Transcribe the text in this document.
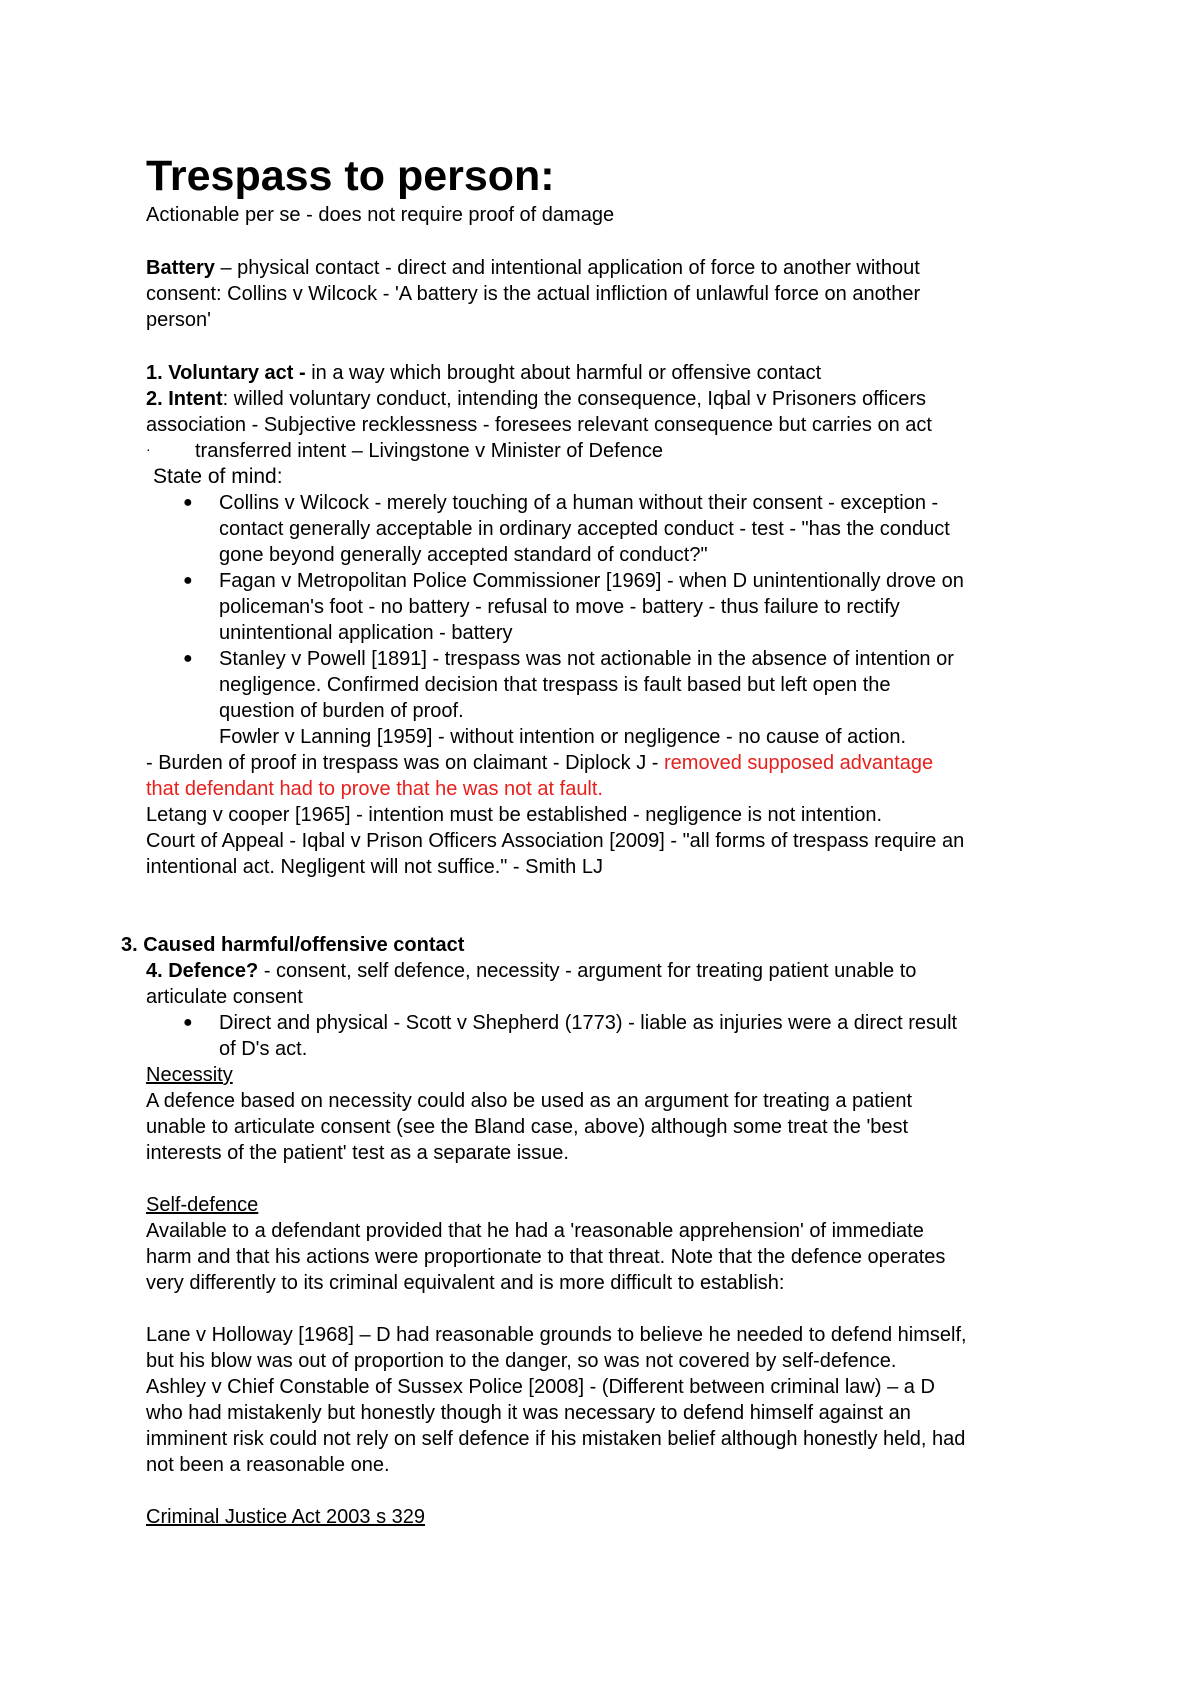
Trespass to person:

Actionable per se - does not require proof of damage

Battery – physical contact - direct and intentional application of force to another without

consent: Collins v Wilcock - 'A battery is the actual infliction of unlawful force on another

person'

1. Voluntary act - in a way which brought about harmful or offensive contact

2. Intent: willed voluntary conduct, intending the consequence, Iqbal v Prisoners officers

association - Subjective recklessness - foresees relevant consequence but carries on act

· transferred intent – Livingstone v Minister of Defence

State of mind:

● Collins v Wilcock - merely touching of a human without their consent - exception -

contact generally acceptable in ordinary accepted conduct - test - "has the conduct

gone beyond generally accepted standard of conduct?"

● Fagan v Metropolitan Police Commissioner [1969] - when D unintentionally drove on

policeman's foot - no battery - refusal to move - battery - thus failure to rectify

unintentional application - battery

● Stanley v Powell [1891] - trespass was not actionable in the absence of intention or

negligence. Confirmed decision that trespass is fault based but left open the

question of burden of proof.

Fowler v Lanning [1959] - without intention or negligence - no cause of action.

- Burden of proof in trespass was on claimant - Diplock J - removed supposed advantage

that defendant had to prove that he was not at fault.

Letang v cooper [1965] - intention must be established - negligence is not intention.

Court of Appeal - Iqbal v Prison Officers Association [2009] - "all forms of trespass require an

intentional act. Negligent will not suffice." - Smith LJ

3. Caused harmful/offensive contact

4. Defence? - consent, self defence, necessity - argument for treating patient unable to

articulate consent

● Direct and physical - Scott v Shepherd (1773) - liable as injuries were a direct result

of D's act.

Necessity

A defence based on necessity could also be used as an argument for treating a patient

unable to articulate consent (see the Bland case, above) although some treat the 'best

interests of the patient' test as a separate issue.

Self-defence

Available to a defendant provided that he had a 'reasonable apprehension' of immediate

harm and that his actions were proportionate to that threat. Note that the defence operates

very differently to its criminal equivalent and is more difficult to establish:

Lane v Holloway [1968] – D had reasonable grounds to believe he needed to defend himself,

but his blow was out of proportion to the danger, so was not covered by self-defence.

Ashley v Chief Constable of Sussex Police [2008] - (Different between criminal law) – a D

who had mistakenly but honestly though it was necessary to defend himself against an

imminent risk could not rely on self defence if his mistaken belief although honestly held, had

not been a reasonable one.

Criminal Justice Act 2003 s 329
